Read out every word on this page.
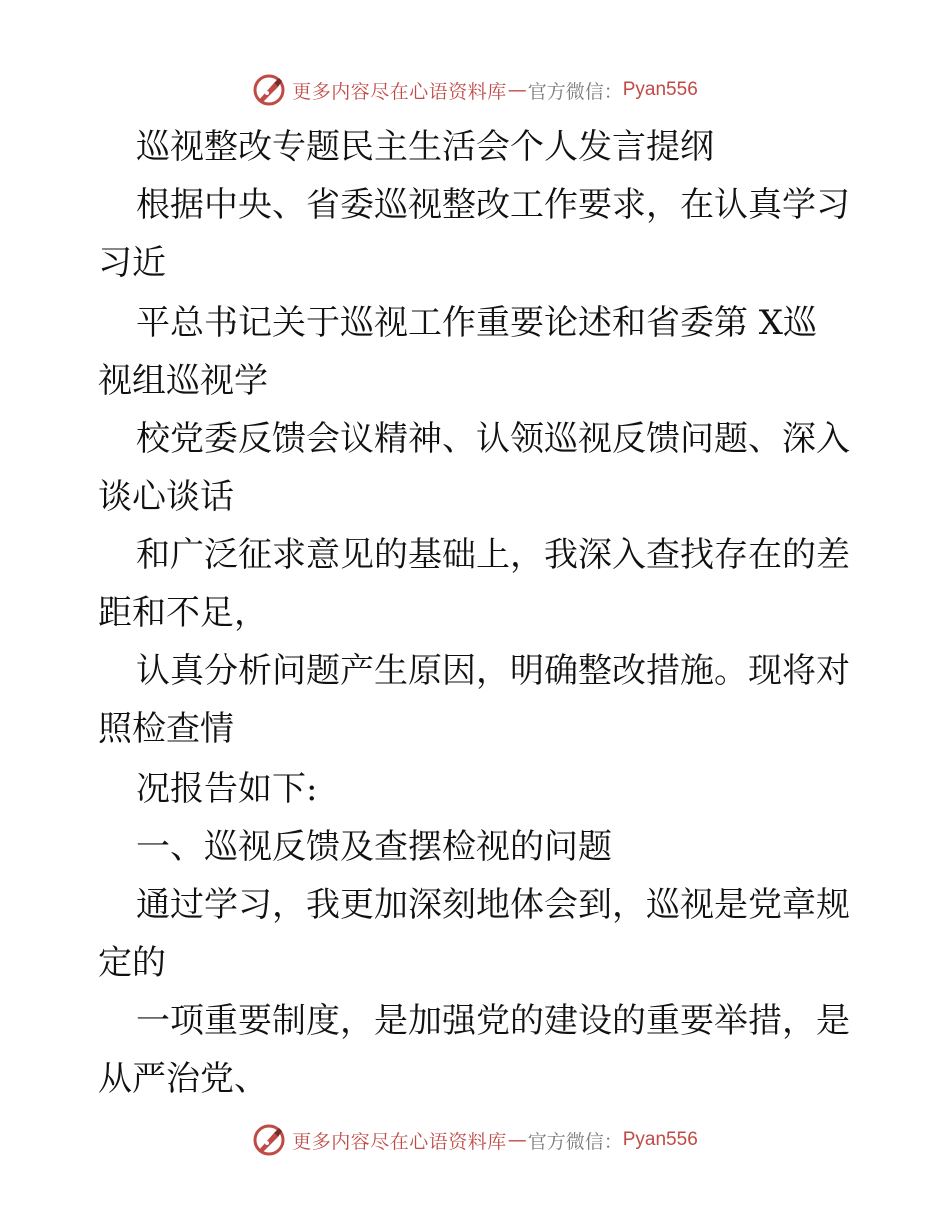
更多内容尽在心语资料库 — 官方微信： Pyan556
巡视整改专题民主生活会个人发言提纲
根据中央、省委巡视整改工作要求，在认真学习
习近
平总书记关于巡视工作重要论述和省委第 X巡
视组巡视学
校党委反馈会议精神、认领巡视反馈问题、深入
谈心谈话
和广泛征求意见的基础上，我深入查找存在的差
距和不足，
认真分析问题产生原因，明确整改措施。现将对
照检查情
况报告如下:
一、巡视反馈及查摆检视的问题
通过学习，我更加深刻地体会到，巡视是党章规
定的
一项重要制度，是加强党的建设的重要举措，是
从严治党、
更多内容尽在心语资料库 — 官方微信： Pyan556
